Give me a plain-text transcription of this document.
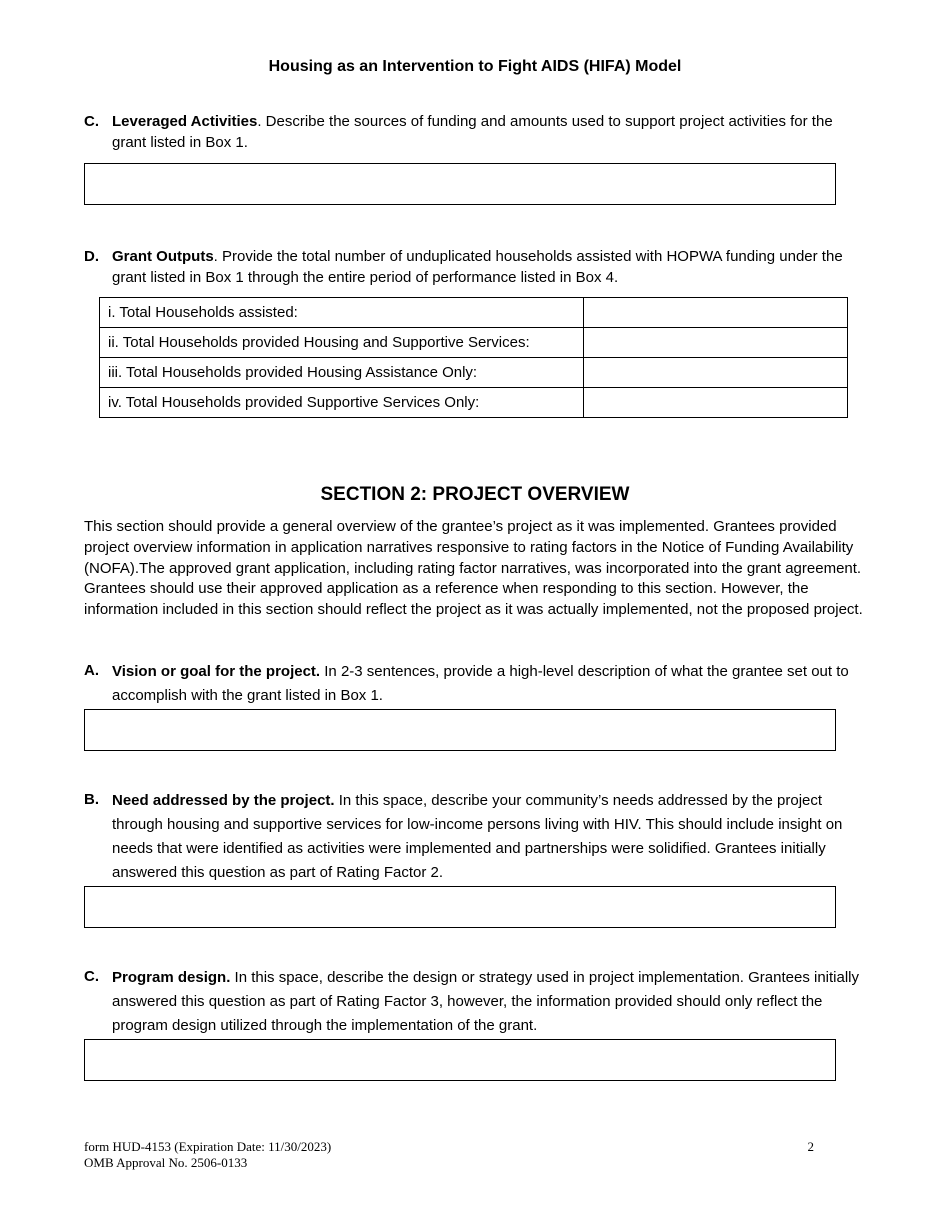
Housing as an Intervention to Fight AIDS (HIFA) Model
C. Leveraged Activities. Describe the sources of funding and amounts used to support project activities for the grant listed in Box 1.
D. Grant Outputs. Provide the total number of unduplicated households assisted with HOPWA funding under the grant listed in Box 1 through the entire period of performance listed in Box 4.
i. Total Households assisted:	
ii. Total Households provided Housing and Supportive Services:	
iii. Total Households provided Housing Assistance Only:	
iv. Total Households provided Supportive Services Only:	
SECTION 2: PROJECT OVERVIEW
This section should provide a general overview of the grantee’s project as it was implemented. Grantees provided project overview information in application narratives responsive to rating factors in the Notice of Funding Availability (NOFA).The approved grant application, including rating factor narratives, was incorporated into the grant agreement. Grantees should use their approved application as a reference when responding to this section. However, the information included in this section should reflect the project as it was actually implemented, not the proposed project.
A. Vision or goal for the project. In 2-3 sentences, provide a high-level description of what the grantee set out to accomplish with the grant listed in Box 1.
B. Need addressed by the project. In this space, describe your community’s needs addressed by the project through housing and supportive services for low-income persons living with HIV. This should include insight on needs that were identified as activities were implemented and partnerships were solidified. Grantees initially answered this question as part of Rating Factor 2.
C. Program design. In this space, describe the design or strategy used in project implementation. Grantees initially answered this question as part of Rating Factor 3, however, the information provided should only reflect the program design utilized through the implementation of the grant.
form HUD-4153 (Expiration Date: 11/30/2023)
OMB Approval No. 2506-0133
2
